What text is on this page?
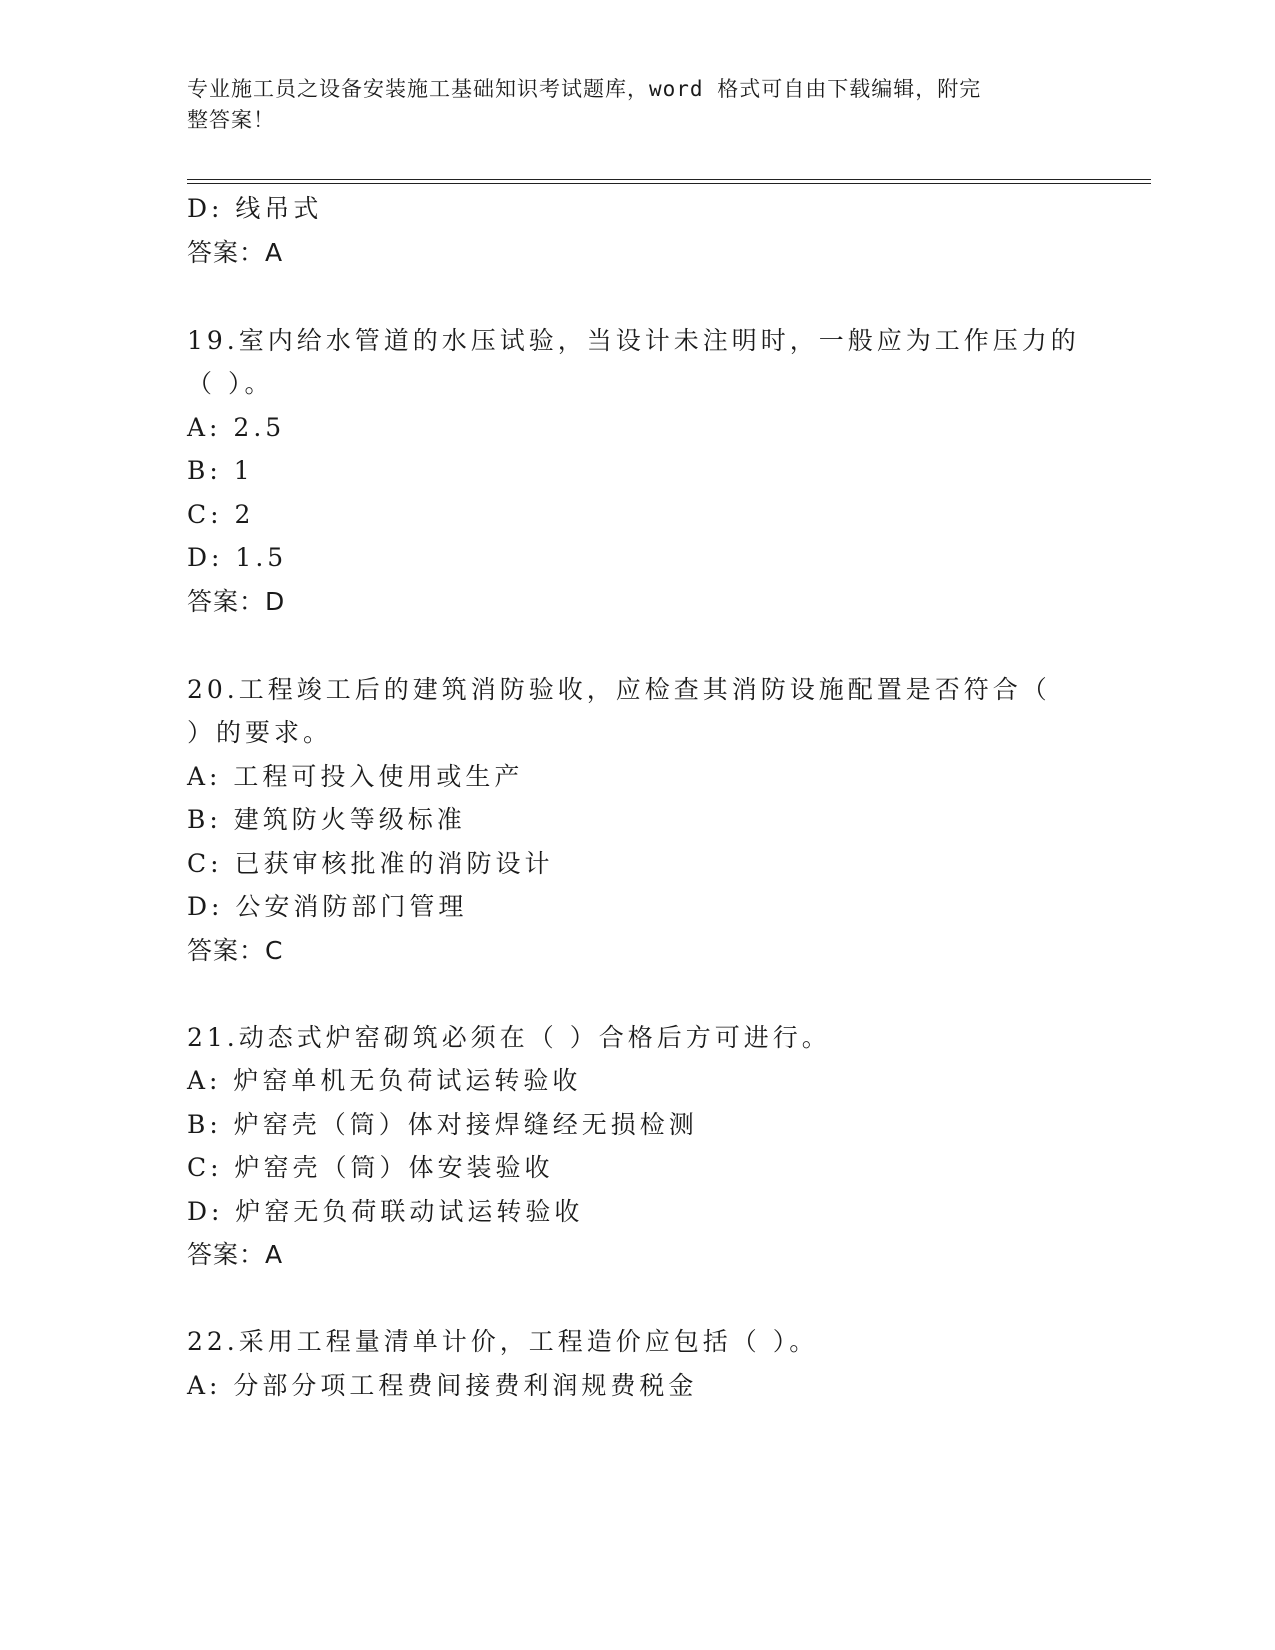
专业施工员之设备安装施工基础知识考试题库，word 格式可自由下载编辑，附完
整答案！
D: 线吊式
答案：A
19.室内给水管道的水压试验，当设计未注明时，一般应为工作压力的
（ ）。
A: 2.5
B: 1
C: 2
D: 1.5
答案：D
20.工程竣工后的建筑消防验收，应检查其消防设施配置是否符合（
）的要求。
A: 工程可投入使用或生产
B: 建筑防火等级标准
C: 已获审核批准的消防设计
D: 公安消防部门管理
答案：C
21.动态式炉窑砌筑必须在（ ）合格后方可进行。
A: 炉窑单机无负荷试运转验收
B: 炉窑壳（筒）体对接焊缝经无损检测
C: 炉窑壳（筒）体安装验收
D: 炉窑无负荷联动试运转验收
答案：A
22.采用工程量清单计价，工程造价应包括（ ）。
A: 分部分项工程费间接费利润规费税金
